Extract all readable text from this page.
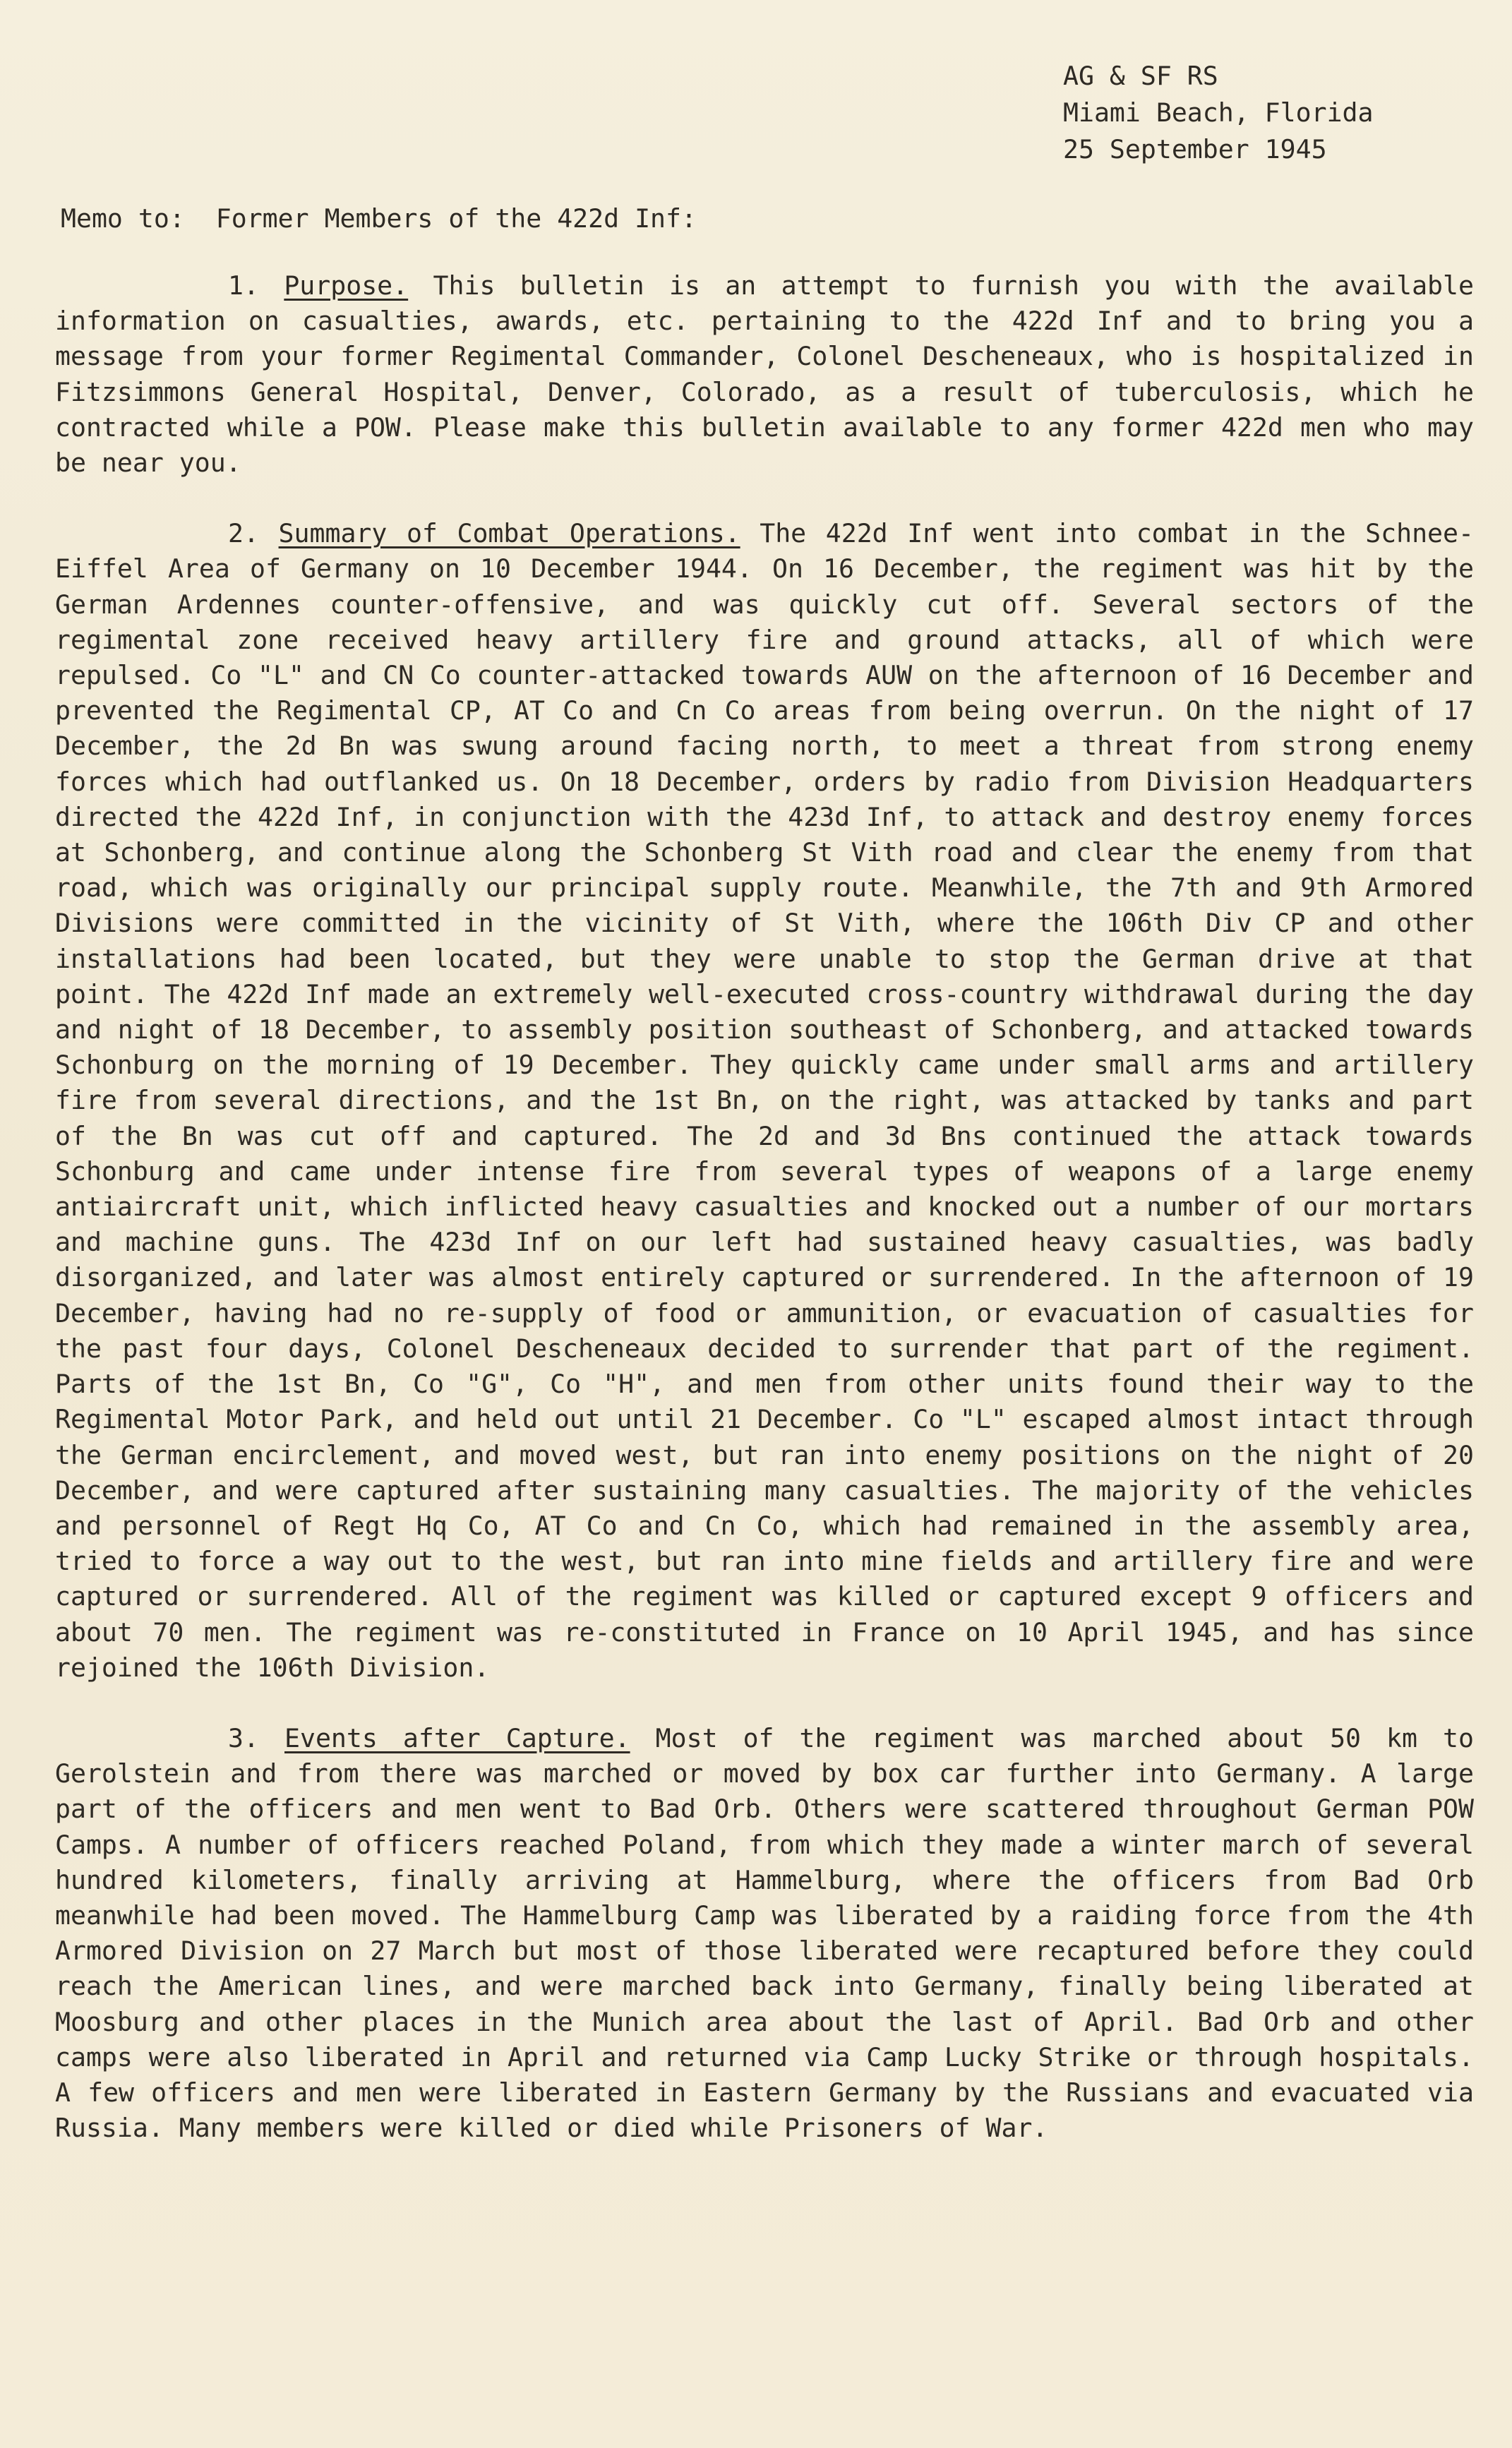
AG & SF RS
Miami Beach, Florida
25 September 1945
Memo to:  Former Members of the 422d Inf:

1. Purpose. This bulletin is an attempt to furnish you with the available information on casualties, awards, etc. pertaining to the 422d Inf and to bring you a message from your former Regimental Commander, Colonel Descheneaux, who is hospitalized in Fitzsimmons General Hospital, Denver, Colorado, as a result of tuberculosis, which he contracted while a POW. Please make this bulletin available to any former 422d men who may be near you.

2. Summary of Combat Operations. The 422d Inf went into combat in the Schnee-Eiffel Area of Germany on 10 December 1944. On 16 December, the regiment was hit by the German Ardennes counter-offensive, and was quickly cut off. Several sectors of the regimental zone received heavy artillery fire and ground attacks, all of which were repulsed. Co "L" and CN Co counter-attacked towards AUW on the afternoon of 16 December and prevented the Regimental CP, AT Co and Cn Co areas from being overrun. On the night of 17 December, the 2d Bn was swung around facing north, to meet a threat from strong enemy forces which had outflanked us. On 18 December, orders by radio from Division Headquarters directed the 422d Inf, in conjunction with the 423d Inf, to attack and destroy enemy forces at Schonberg, and continue along the Schonberg St Vith road and clear the enemy from that road, which was originally our principal supply route. Meanwhile, the 7th and 9th Armored Divisions were committed in the vicinity of St Vith, where the 106th Div CP and other installations had been located, but they were unable to stop the German drive at that point. The 422d Inf made an extremely well-executed cross-country withdrawal during the day and night of 18 December, to assembly position southeast of Schonberg, and attacked towards Schonburg on the morning of 19 December. They quickly came under small arms and artillery fire from several directions, and the 1st Bn, on the right, was attacked by tanks and part of the Bn was cut off and captured. The 2d and 3d Bns continued the attack towards Schonburg and came under intense fire from several types of weapons of a large enemy antiaircraft unit, which inflicted heavy casualties and knocked out a number of our mortars and machine guns. The 423d Inf on our left had sustained heavy casualties, was badly disorganized, and later was almost entirely captured or surrendered. In the afternoon of 19 December, having had no re-supply of food or ammunition, or evacuation of casualties for the past four days, Colonel Descheneaux decided to surrender that part of the regiment. Parts of the 1st Bn, Co "G", Co "H", and men from other units found their way to the Regimental Motor Park, and held out until 21 December. Co "L" escaped almost intact through the German encirclement, and moved west, but ran into enemy positions on the night of 20 December, and were captured after sustaining many casualties. The majority of the vehicles and personnel of Regt Hq Co, AT Co and Cn Co, which had remained in the assembly area, tried to force a way out to the west, but ran into mine fields and artillery fire and were captured or surrendered. All of the regiment was killed or captured except 9 officers and about 70 men. The regiment was re-constituted in France on 10 April 1945, and has since rejoined the 106th Division.

3. Events after Capture. Most of the regiment was marched about 50 km to Gerolstein and from there was marched or moved by box car further into Germany. A large part of the officers and men went to Bad Orb. Others were scattered throughout German POW Camps. A number of officers reached Poland, from which they made a winter march of several hundred kilometers, finally arriving at Hammelburg, where the officers from Bad Orb meanwhile had been moved. The Hammelburg Camp was liberated by a raiding force from the 4th Armored Division on 27 March but most of those liberated were recaptured before they could reach the American lines, and were marched back into Germany, finally being liberated at Moosburg and other places in the Munich area about the last of April. Bad Orb and other camps were also liberated in April and returned via Camp Lucky Strike or through hospitals. A few officers and men were liberated in Eastern Germany by the Russians and evacuated via Russia. Many members were killed or died while Prisoners of War.
